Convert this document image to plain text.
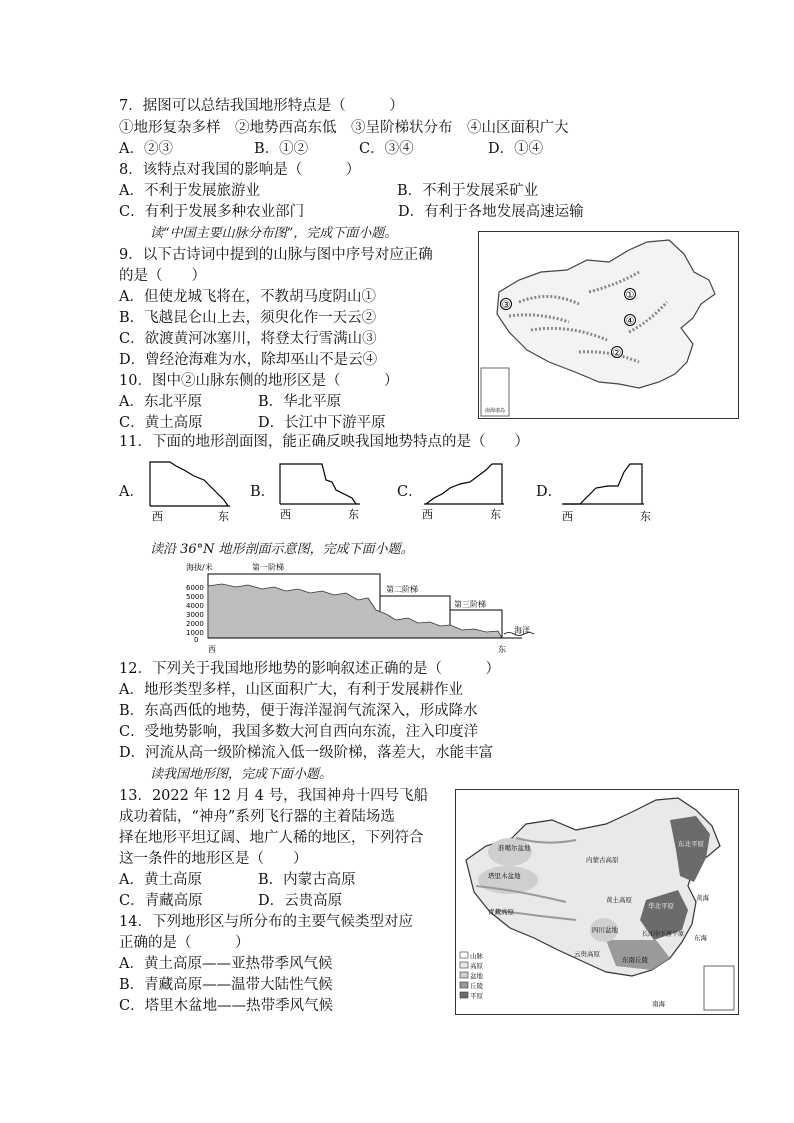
7．据图可以总结我国地形特点是（　　　）
①地形复杂多样　②地势西高东低　③呈阶梯状分布　④山区面积广大
A．②③	B．①②	C．③④	D．①④
8．该特点对我国的影响是（　　　）
A．不利于发展旅游业	B．不利于发展采矿业
C．有利于发展多种农业部门	D．有利于各地发展高速运输
读“中国主要山脉分布图”，完成下面小题。
9．以下古诗词中提到的山脉与图中序号对应正确
的是（　　）
A．但使龙城飞将在，不教胡马度阴山①
B．飞越昆仑山上去，须臾化作一天云②
C．欲渡黄河冰塞川，将登太行雪满山③
D．曾经沧海难为水，除却巫山不是云④
10．图中②山脉东侧的地形区是（　　　）
A．东北平原	B．华北平原
C．黄土高原	D．长江中下游平原
③
①
④
②
南海诸岛
11．下面的地形剖面图，能正确反映我国地势特点的是（　　）
A．
西	东
B．
西	东
C．
西	东
D．
西	东
读沿 36°N 地形剖面示意图，完成下面小题。
海拔/米	第一阶梯
第二阶梯
第三阶梯
海洋
6000
5000
4000
3000
2000
1000
0
西	东
12．下列关于我国地形地势的影响叙述正确的是（　　　）
A．地形类型多样，山区面积广大，有利于发展耕作业
B．东高西低的地势，便于海洋湿润气流深入，形成降水
C．受地势影响，我国多数大河自西向东流，注入印度洋
D．河流从高一级阶梯流入低一级阶梯，落差大，水能丰富
读我国地形图，完成下面小题。
13．2022 年 12 月 4 号，我国神舟十四号飞船
成功着陆，“神舟”系列飞行器的主着陆场选
择在地形平坦辽阔、地广人稀的地区，下列符合
这一条件的地形区是（　　）
A．黄土高原	B．内蒙古高原
C．青藏高原	D．云贵高原
14．下列地形区与所分布的主要气候类型对应
正确的是（　　　）
A．黄土高原——亚热带季风气候
B．青藏高原——温带大陆性气候
C．塔里木盆地——热带季风气候
准噶尔盆地
塔里木盆地
青藏高原
东北平原
华北平原
长江中下游平原
东南丘陵
四川盆地
黄土高原
云贵高原
内蒙古高原
黄海
东海
南海
山脉
高原
盆地
丘陵
平原
